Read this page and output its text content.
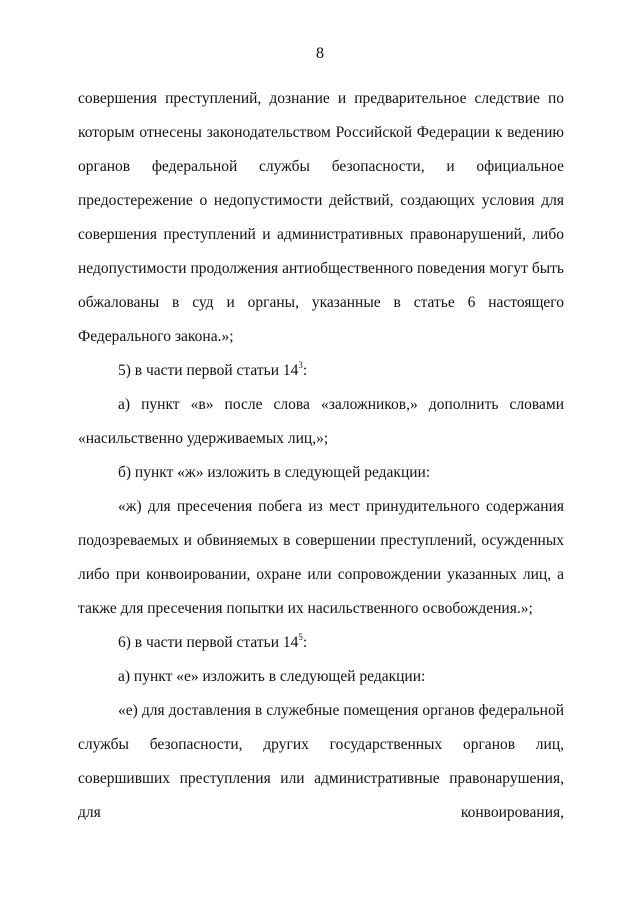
8

совершения преступлений, дознание и предварительное следствие по которым отнесены законодательством Российской Федерации к ведению органов федеральной службы безопасности, и официальное предостережение о недопустимости действий, создающих условия для совершения преступлений и административных правонарушений, либо недопустимости продолжения антиобщественного поведения могут быть обжалованы в суд и органы, указанные в статье 6 настоящего Федерального закона.»;

5) в части первой статьи $14^3$:

а) пункт «в» после слова «заложников,» дополнить словами «насильственно удерживаемых лиц,»;

б) пункт «ж» изложить в следующей редакции:

«ж) для пресечения побега из мест принудительного содержания подозреваемых и обвиняемых в совершении преступлений, осужденных либо при конвоировании, охране или сопровождении указанных лиц, а также для пресечения попытки их насильственного освобождения.»;

6) в части первой статьи $14^5$:

а) пункт «е» изложить в следующей редакции:

«е) для доставления в служебные помещения органов федеральной службы безопасности, других государственных органов лиц, совершивших преступления или административные правонарушения, для конвоирования,
